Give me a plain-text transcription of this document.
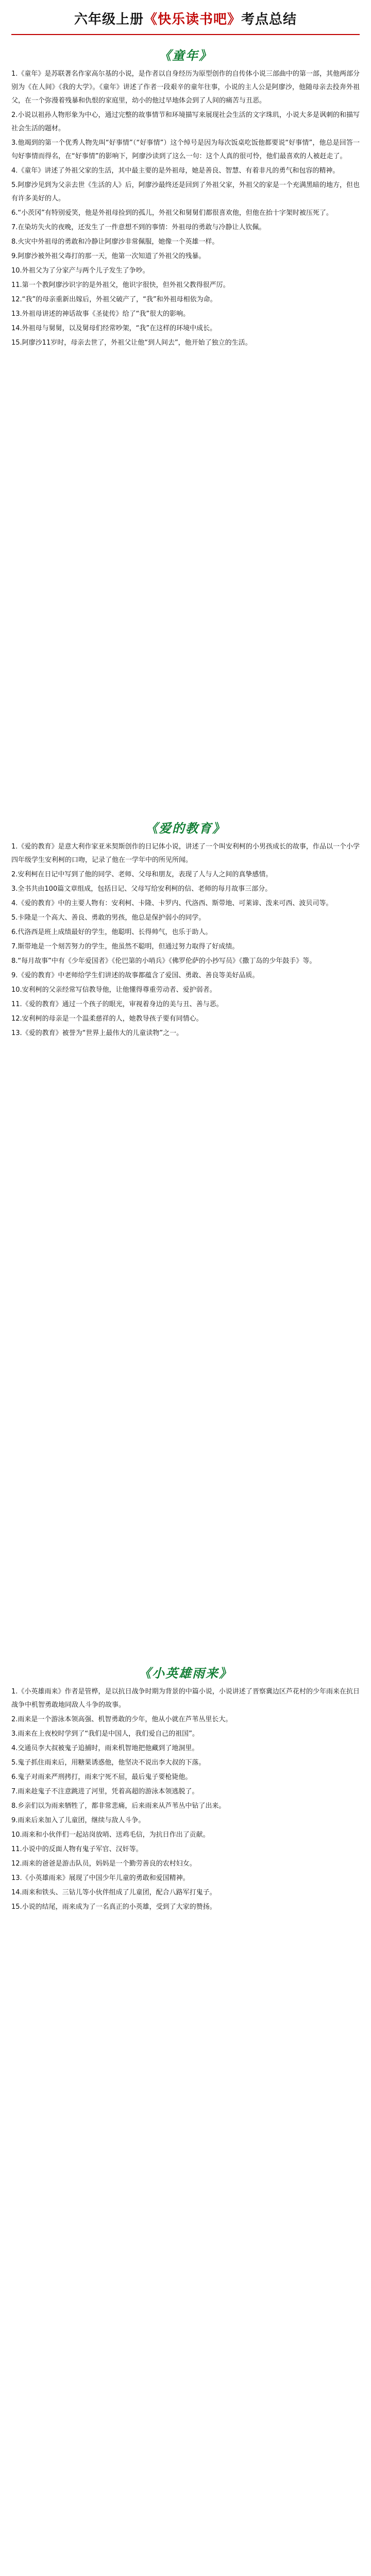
六年级上册 《快乐读书吧》 考点总结
《童年》

1.《童年》是苏联著名作家高尔基的小说，是作者以自身经历为原型创作的自传体小说三部曲中的第一部，其他两部分别为《在人间》《我的大学》。《童年》讲述了作者一段艰辛的童年往事，小说的主人公是阿廖沙，他随母亲去投奔外祖父，在一个弥漫着残暴和仇恨的家庭里，幼小的他过早地体会到了人间的痛苦与丑恶。

2.小说以祖孙人物形象为中心，通过完整的故事情节和环境描写来展现社会生活的文字珠玑，小说大多是讽刺的和描写社会生活的题材。

3.他竭到的第一个优秀人物先叫“好事情”（“好事情”）这个绰号是因为每次饭桌吃饭他都要说“好事情”，他总是回答一句好事情而得名，在“好事情”的影响下，阿廖沙读到了这么一句：这个人真的很可怜，他们最喜欢的人被赶走了。

4.《童年》讲述了外祖父家的生活，其中最主要的是外祖母，她是善良、智慧、有着非凡的勇气和包容的精神。

5.阿廖沙见到为父亲去世《生活的人》后，阿廖沙最终还是回到了外祖父家，外祖父的家是一个充满黑暗的地方，但也有许多美好的人。

6.“小茨冈”有特别爱笑，他是外祖母捡到的孤儿，外祖父和舅舅们都很喜欢他，但他在抬十字架时被压死了。

7.在染坊失火的夜晚，还发生了一件意想不到的事情：外祖母的勇敢与冷静让人钦佩。

8.火灾中外祖母的勇敢和冷静让阿廖沙非常佩服，她像一个英雄一样。

9.阿廖沙被外祖父毒打的那一天，他第一次知道了外祖父的残暴。

10.外祖父为了分家产与两个儿子发生了争吵。

11.第一个教阿廖沙识字的是外祖父，他识字很快，但外祖父教得很严厉。

12.“我”的母亲重新出嫁后，外祖父破产了，“我”和外祖母相依为命。

13.外祖母讲述的神话故事《圣徒传》给了“我”很大的影响。

14.外祖母与舅舅，以及舅母们经常吵架，“我”在这样的环境中成长。

15.阿廖沙11岁时，母亲去世了，外祖父让他“到人间去”，他开始了独立的生活。

《爱的教育》

1.《爱的教育》是意大利作家亚米契斯创作的日记体小说，讲述了一个叫安利柯的小男孩成长的故事，作品以一个小学四年级学生安利柯的口吻，记录了他在一学年中的所见所闻。

2.安利柯在日记中写到了他的同学、老师、父母和朋友，表现了人与人之间的真挚感情。

3.全书共由100篇文章组成，包括日记、父母写给安利柯的信、老师的每月故事三部分。

4.《爱的教育》中的主要人物有：安利柯、卡隆、卡罗内、代洛西、斯带地、可莱谛、泼来可西、波贝司等。

5.卡隆是一个高大、善良、勇敢的男孩，他总是保护弱小的同学。

6.代洛西是班上成绩最好的学生，他聪明、长得帅气，也乐于助人。

7.斯带地是一个刻苦努力的学生，他虽然不聪明，但通过努力取得了好成绩。

8.“每月故事”中有《少年爱国者》《伦巴第的小哨兵》《佛罗伦萨的小抄写员》《撒丁岛的少年鼓手》等。

9.《爱的教育》中老师给学生们讲述的故事都蕴含了爱国、勇敢、善良等美好品质。

10.安利柯的父亲经常写信教导他，让他懂得尊重劳动者、爱护弱者。

11.《爱的教育》通过一个孩子的眼光，审视着身边的美与丑、善与恶。

12.安利柯的母亲是一个温柔慈祥的人，她教导孩子要有同情心。

13.《爱的教育》被誉为“世界上最伟大的儿童读物”之一。

《小英雄雨来》

1.《小英雄雨来》作者是管桦，是以抗日战争时期为背景的中篇小说，小说讲述了晋察冀边区芦花村的少年雨来在抗日战争中机智勇敢地同敌人斗争的故事。

2.雨来是一个游泳本领高强、机智勇敢的少年，他从小就在芦苇丛里长大。

3.雨来在上夜校时学到了“我们是中国人，我们爱自己的祖国”。

4.交通员李大叔被鬼子追捕时，雨来机智地把他藏到了地洞里。

5.鬼子抓住雨来后，用糖果诱惑他，他坚决不说出李大叔的下落。

6.鬼子对雨来严刑拷打，雨来宁死不屈，最后鬼子要枪毙他。

7.雨来趁鬼子不注意跳进了河里，凭着高超的游泳本领逃脱了。

8.乡亲们以为雨来牺牲了，都非常悲痛，后来雨来从芦苇丛中钻了出来。

9.雨来后来加入了儿童团，继续与敌人斗争。

10.雨来和小伙伴们一起站岗放哨、送鸡毛信，为抗日作出了贡献。

11.小说中的反面人物有鬼子军官、汉奸等。

12.雨来的爸爸是游击队员，妈妈是一个勤劳善良的农村妇女。

13.《小英雄雨来》展现了中国少年儿童的勇敢和爱国精神。

14.雨来和铁头、三钻儿等小伙伴组成了儿童团，配合八路军打鬼子。

15.小说的结尾，雨来成为了一名真正的小英雄，受到了大家的赞扬。
